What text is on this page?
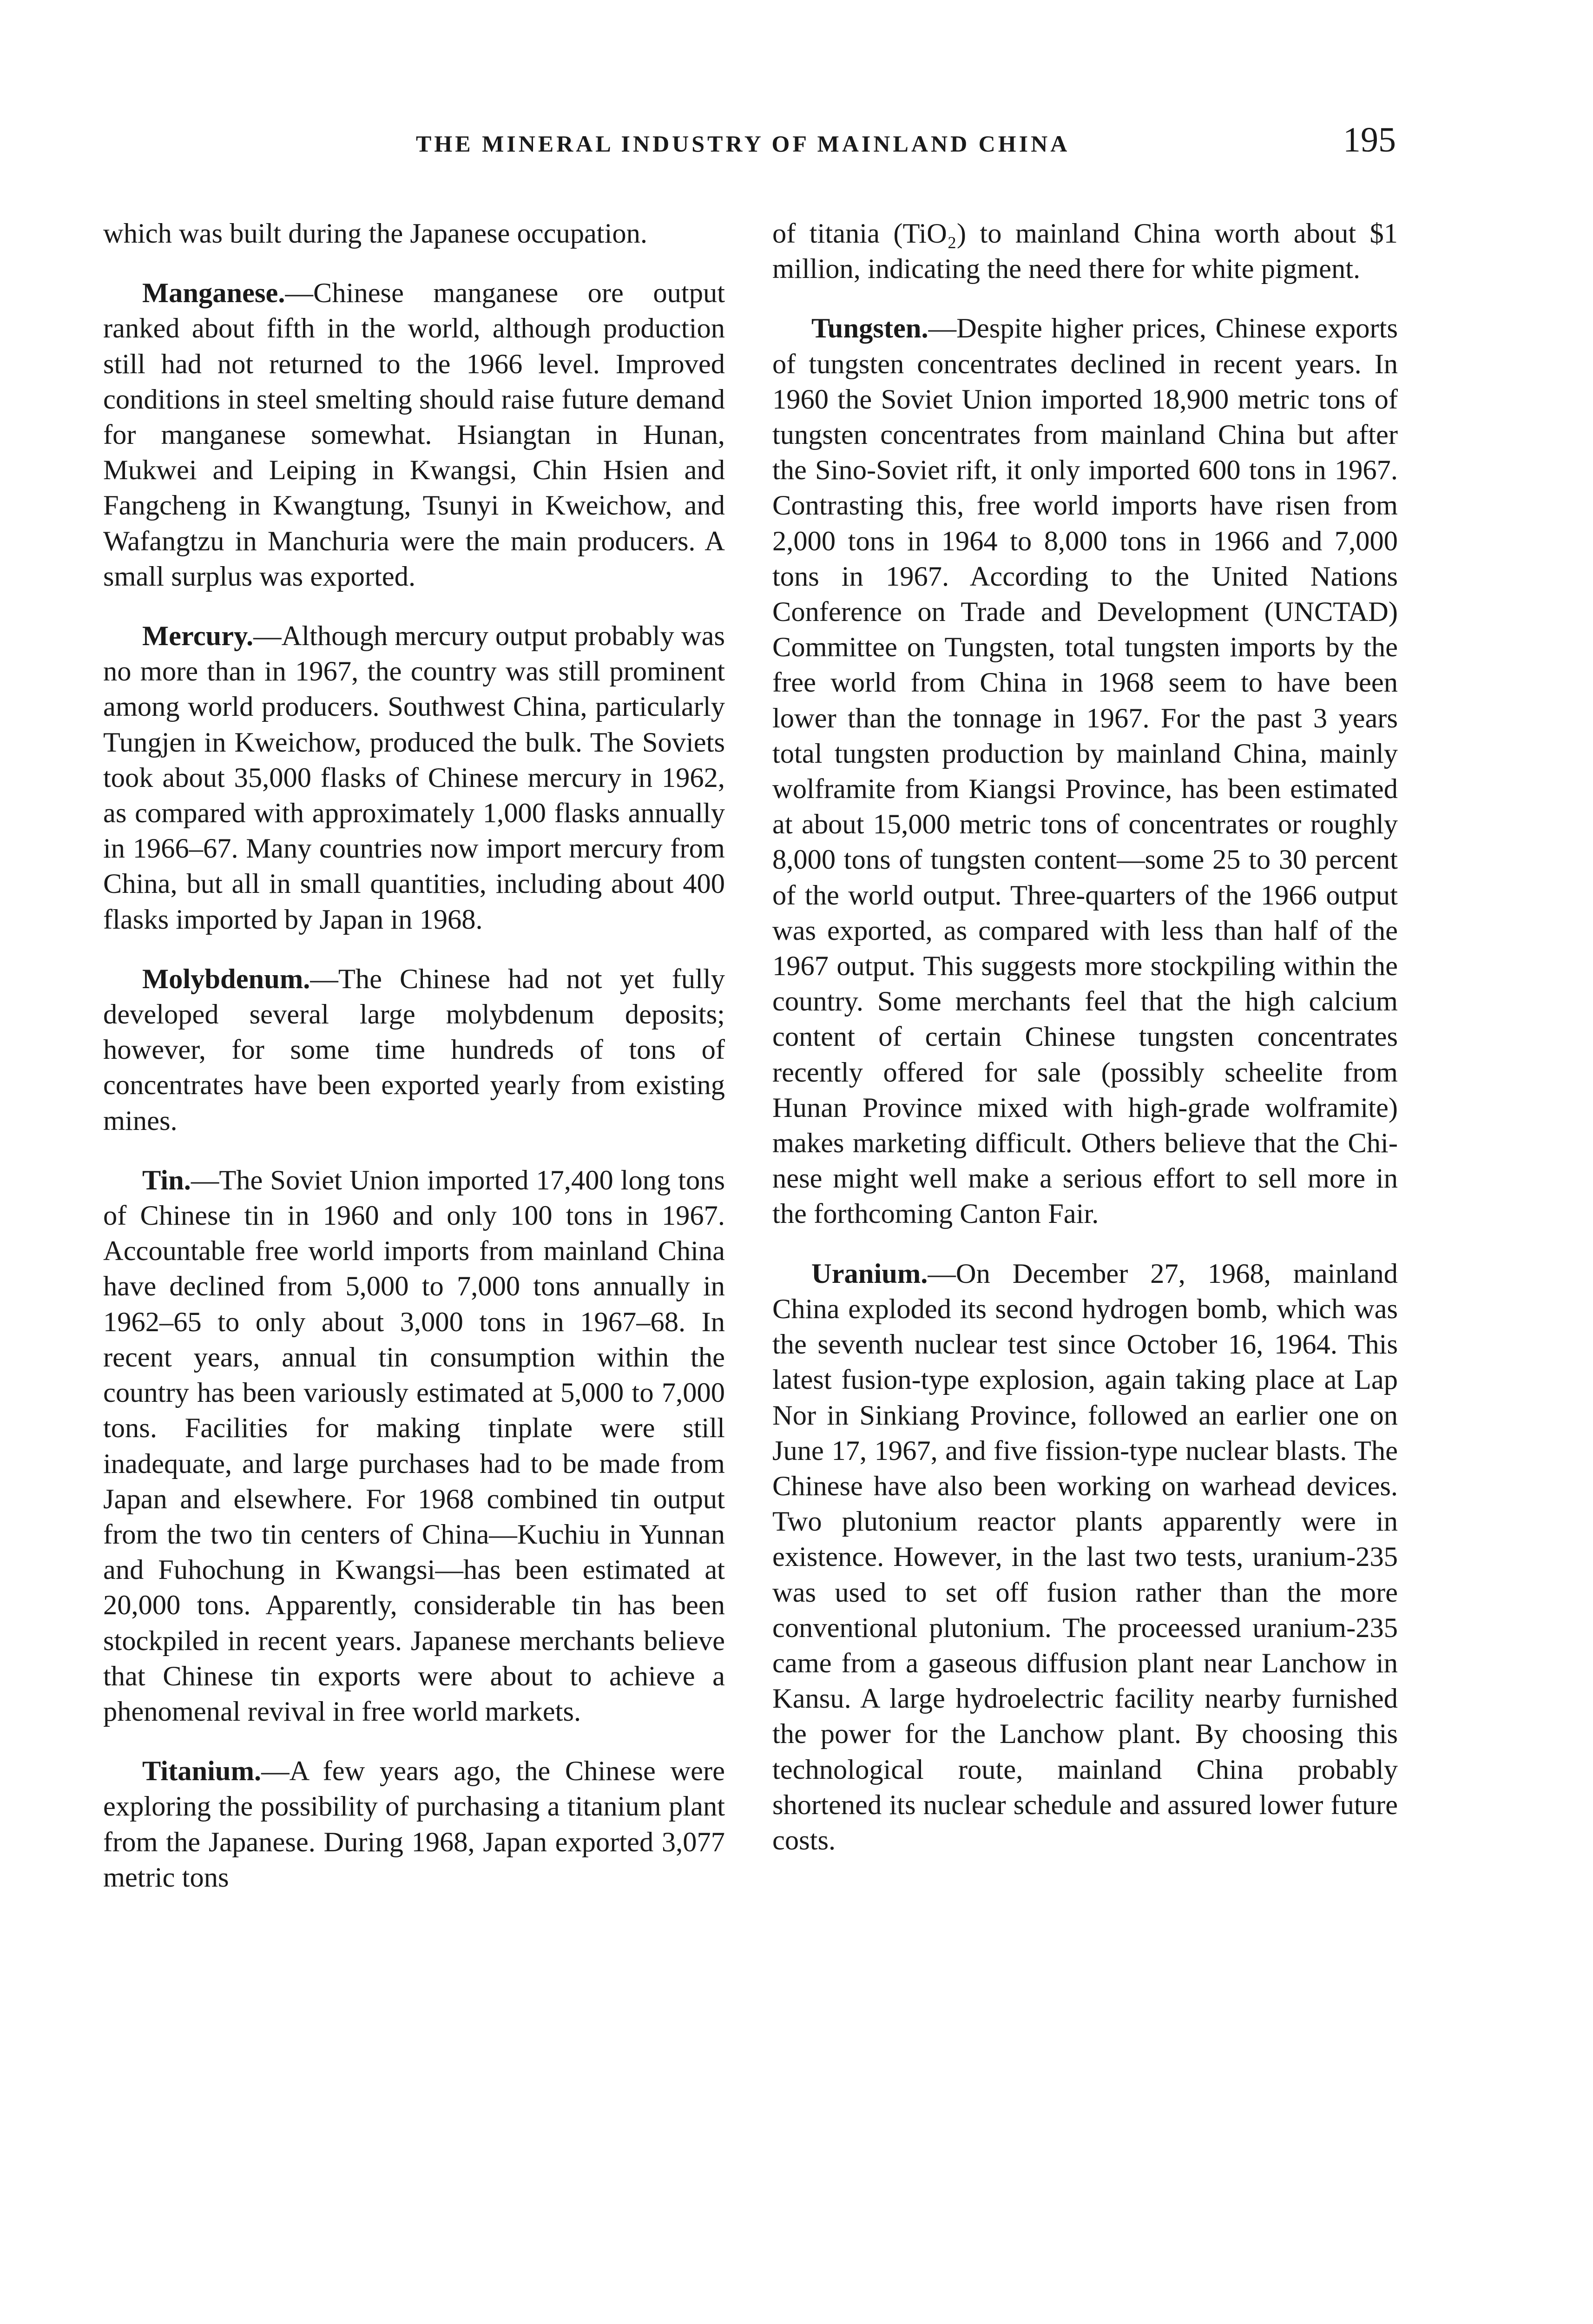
THE MINERAL INDUSTRY OF MAINLAND CHINA	195

which was built during the Japanese occupation.

Manganese.—Chinese manganese ore output ranked about fifth in the world, although production still had not returned to the 1966 level. Improved conditions in steel smelting should raise future demand for manganese somewhat. Hsiangtan in Hunan, Mukwei and Leiping in Kwangsi, Chin Hsien and Fangcheng in Kwangtung, Tsunyi in Kweichow, and Wafangtzu in Manchuria were the main producers. A small surplus was exported.

Mercury.—Although mercury output probably was no more than in 1967, the country was still prominent among world producers. Southwest China, particularly Tungjen in Kweichow, produced the bulk. The Soviets took about 35,000 flasks of Chinese mercury in 1962, as compared with approximately 1,000 flasks annually in 1966–67. Many countries now import mercury from China, but all in small quantities, including about 400 flasks imported by Japan in 1968.

Molybdenum.—The Chinese had not yet fully developed several large molybdenum deposits; however, for some time hundreds of tons of concentrates have been exported yearly from existing mines.

Tin.—The Soviet Union imported 17,400 long tons of Chinese tin in 1960 and only 100 tons in 1967. Accountable free world imports from mainland China have declined from 5,000 to 7,000 tons annually in 1962–65 to only about 3,000 tons in 1967–68. In recent years, annual tin consumption within the country has been variously estimated at 5,000 to 7,000 tons. Facilities for making tinplate were still inadequate, and large purchases had to be made from Japan and elsewhere. For 1968 combined tin output from the two tin centers of China—Kuchiu in Yunnan and Fuhochung in Kwangsi—has been estimated at 20,000 tons. Apparently, considerable tin has been stockpiled in recent years. Japanese merchants believe that Chinese tin exports were about to achieve a phenomenal revival in free world markets.

Titanium.—A few years ago, the Chinese were exploring the possibility of purchasing a titanium plant from the Japanese. During 1968, Japan exported 3,077 metric tons

of titania (TiO₂) to mainland China worth about $1 million, indicating the need there for white pigment.

Tungsten.—Despite higher prices, Chinese exports of tungsten concentrates declined in recent years. In 1960 the Soviet Union imported 18,900 metric tons of tungsten concentrates from mainland China but after the Sino-Soviet rift, it only imported 600 tons in 1967. Contrasting this, free world imports have risen from 2,000 tons in 1964 to 8,000 tons in 1966 and 7,000 tons in 1967. According to the United Nations Conference on Trade and Development (UNCTAD) Committee on Tungsten, total tungsten imports by the free world from China in 1968 seem to have been lower than the tonnage in 1967. For the past 3 years total tungsten production by mainland China, mainly wolframite from Kiangsi Province, has been estimated at about 15,000 metric tons of concentrates or roughly 8,000 tons of tungsten content—some 25 to 30 percent of the world output. Three-quarters of the 1966 output was exported, as compared with less than half of the 1967 output. This suggests more stockpiling within the country. Some merchants feel that the high calcium content of certain Chinese tungsten concentrates recently offered for sale (possibly scheelite from Hunan Province mixed with high-grade wolframite) makes marketing difficult. Others believe that the Chinese might well make a serious effort to sell more in the forthcoming Canton Fair.

Uranium.—On December 27, 1968, mainland China exploded its second hydrogen bomb, which was the seventh nuclear test since October 16, 1964. This latest fusion-type explosion, again taking place at Lap Nor in Sinkiang Province, followed an earlier one on June 17, 1967, and five fission-type nuclear blasts. The Chinese have also been working on warhead devices. Two plutonium reactor plants apparently were in existence. However, in the last two tests, uranium-235 was used to set off fusion rather than the more conventional plutonium. The proceessed uranium-235 came from a gaseous diffusion plant near Lanchow in Kansu. A large hydroelectric facility nearby furnished the power for the Lanchow plant. By choosing this technological route, mainland China probably shortened its nuclear schedule and assured lower future costs.
